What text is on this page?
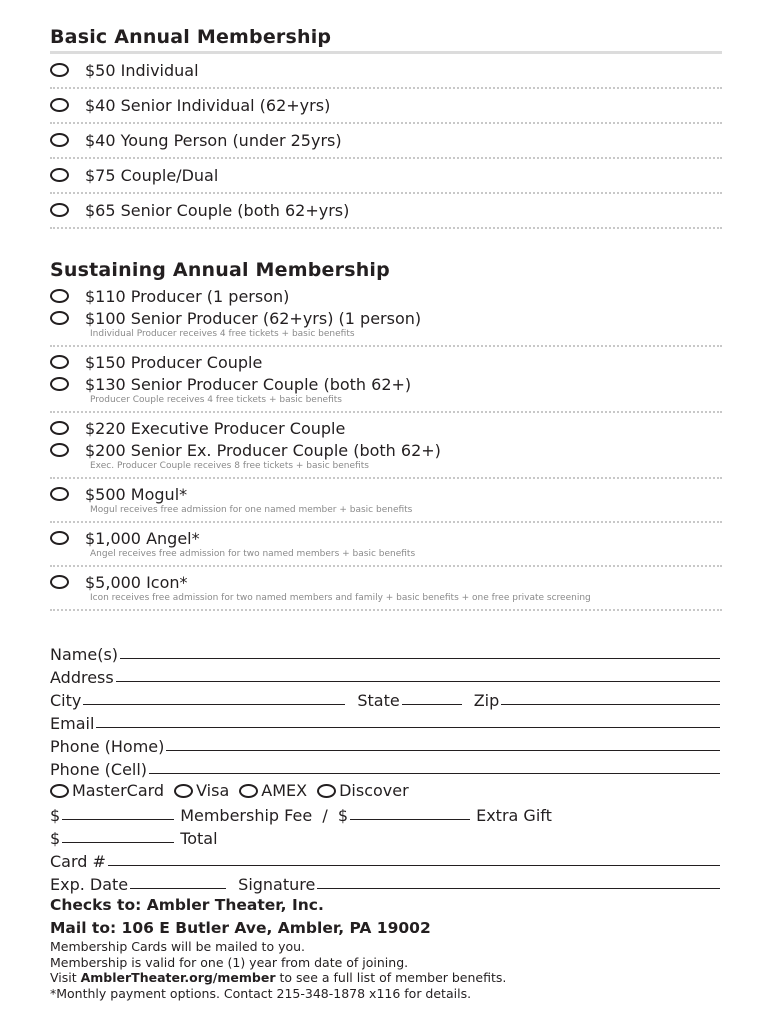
Basic Annual Membership
$50 Individual
$40 Senior Individual (62+yrs)
$40 Young Person (under 25yrs)
$75 Couple/Dual
$65 Senior Couple (both 62+yrs)
Sustaining Annual Membership
$110 Producer (1 person)
$100 Senior Producer (62+yrs) (1 person)
Individual Producer receives 4 free tickets + basic benefits
$150 Producer Couple
$130 Senior Producer Couple (both 62+)
Producer Couple receives 4 free tickets + basic benefits
$220 Executive Producer Couple
$200 Senior Ex. Producer Couple (both 62+)
Exec. Producer Couple receives 8 free tickets + basic benefits
$500 Mogul*
Mogul receives free admission for one named member + basic benefits
$1,000 Angel*
Angel receives free admission for two named members + basic benefits
$5,000 Icon*
Icon receives free admission for two named members and family + basic benefits + one free private screening
Name(s)
Address
City	State	Zip
Email
Phone (Home)
Phone (Cell)
MasterCard Visa AMEX Discover
$	Membership Fee  /  $	Extra Gift
$	Total
Card #
Exp. Date	Signature
Checks to: Ambler Theater, Inc.
Mail to: 106 E Butler Ave, Ambler, PA 19002
Membership Cards will be mailed to you.
Membership is valid for one (1) year from date of joining.
Visit AmblerTheater.org/member to see a full list of member benefits.
*Monthly payment options. Contact 215-348-1878 x116 for details.
